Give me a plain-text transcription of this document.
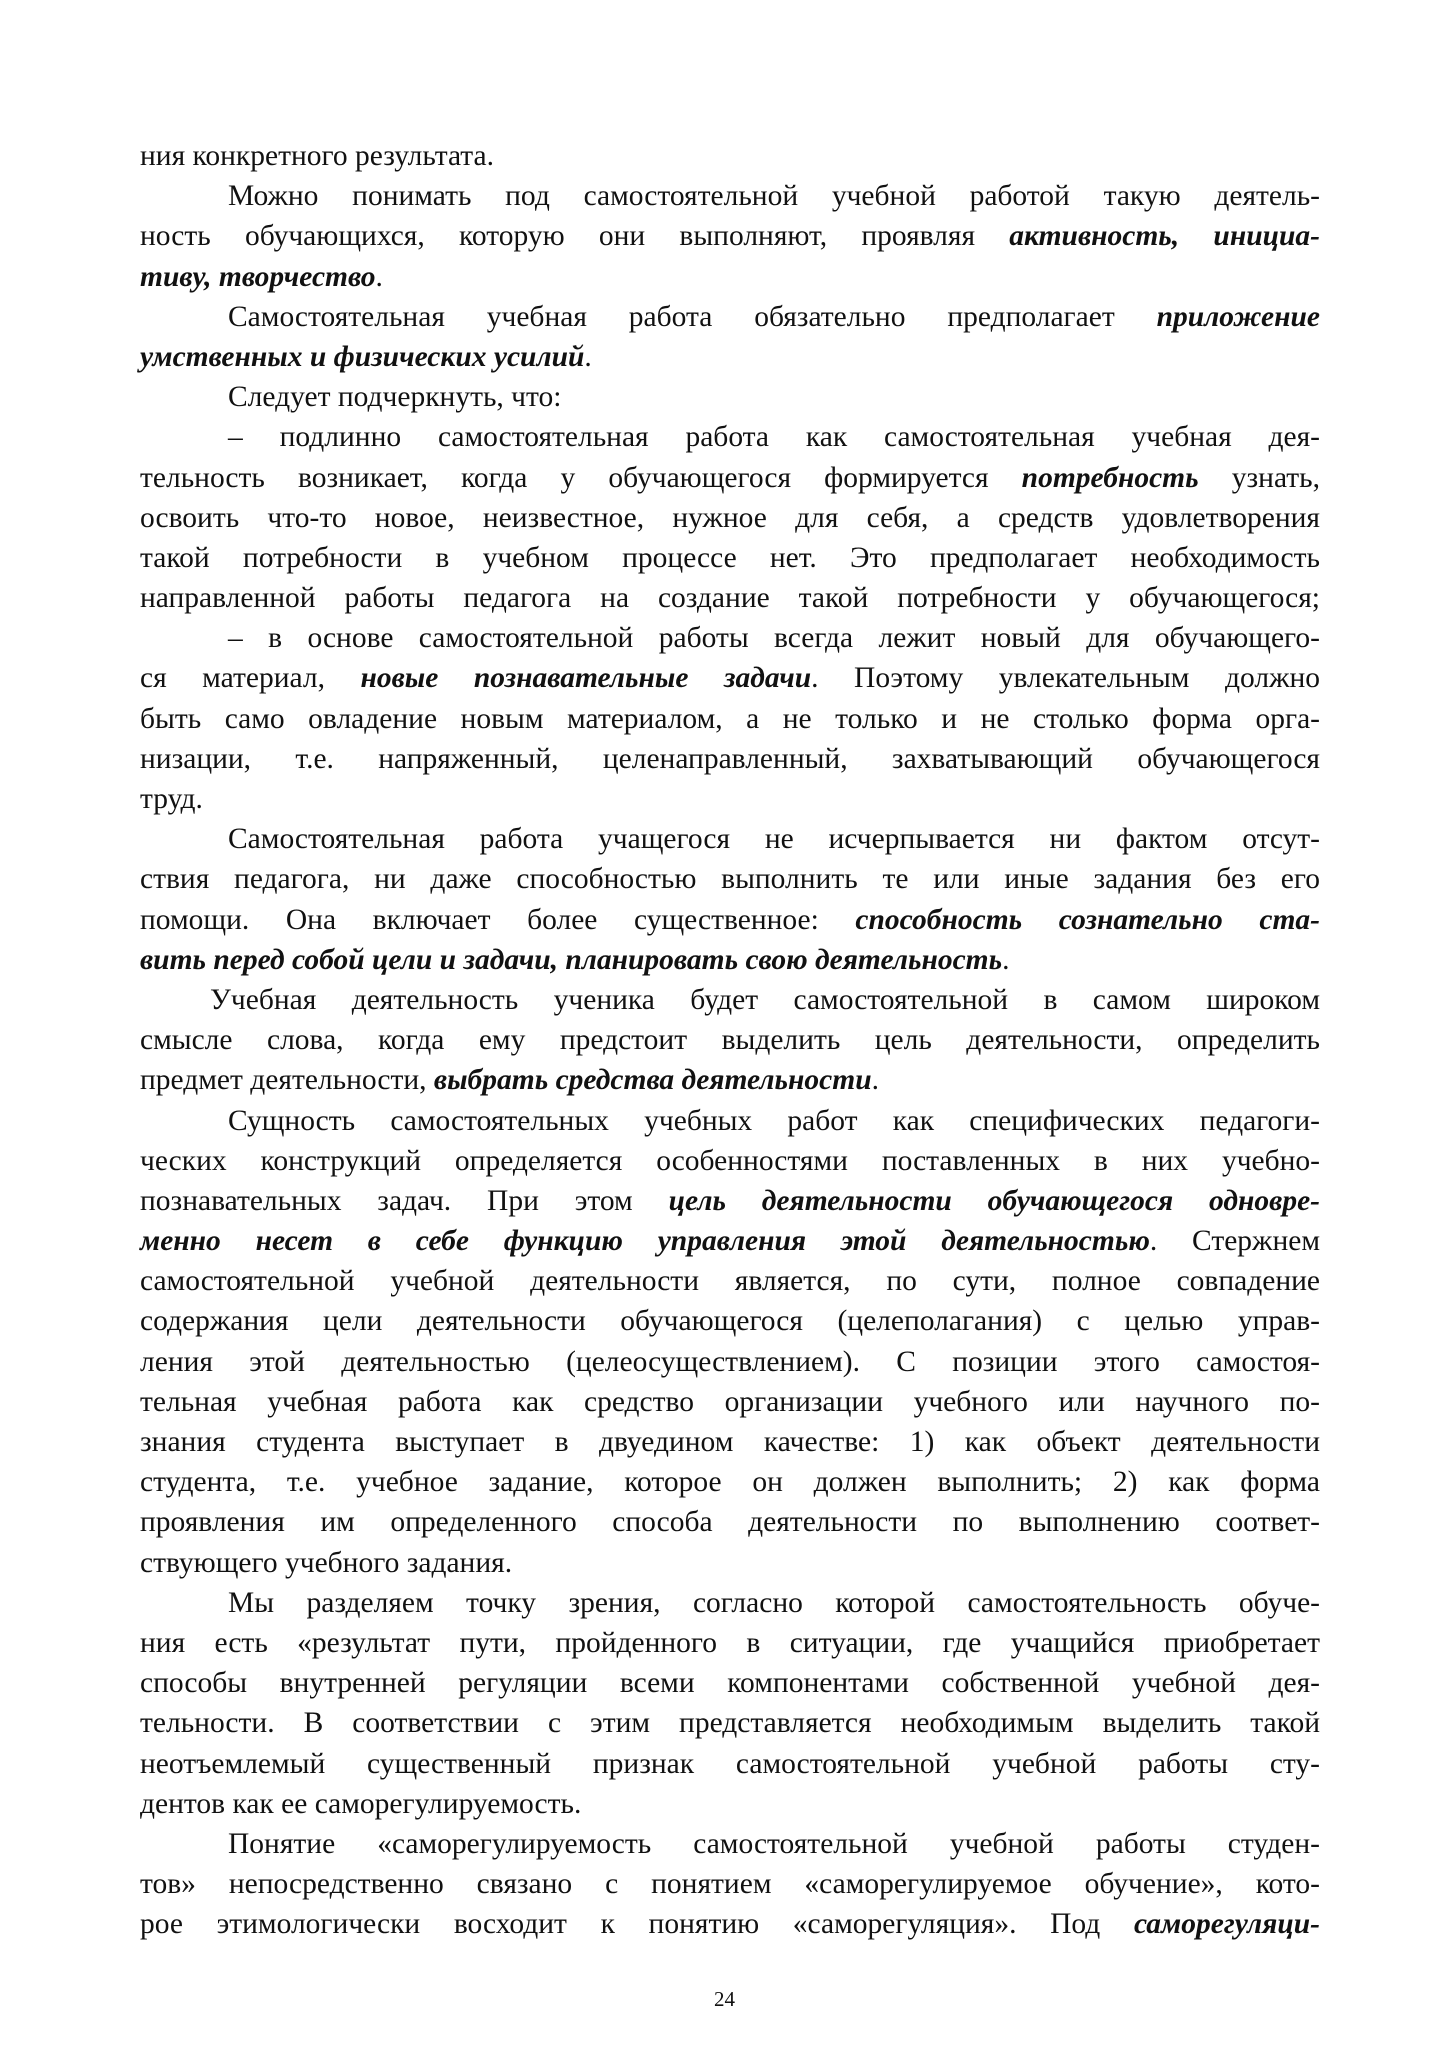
ния конкретного результата.
Можно понимать под самостоятельной учебной работой такую деятель-
ность обучающихся, которую они выполняют, проявляя активность, инициа-
тиву, творчество.
Самостоятельная учебная работа обязательно предполагает приложение
умственных и физических усилий.
Следует подчеркнуть, что:
– подлинно самостоятельная работа как самостоятельная учебная дея-
тельность возникает, когда у обучающегося формируется потребность узнать,
освоить что-то новое, неизвестное, нужное для себя, а средств удовлетворения
такой потребности в учебном процессе нет. Это предполагает необходимость
направленной работы педагога на создание такой потребности у обучающегося;
– в основе самостоятельной работы всегда лежит новый для обучающего-
ся материал, новые познавательные задачи. Поэтому увлекательным должно
быть само овладение новым материалом, а не только и не столько форма орга-
низации, т.е. напряженный, целенаправленный, захватывающий обучающегося
труд.
Самостоятельная работа учащегося не исчерпывается ни фактом отсут-
ствия педагога, ни даже способностью выполнить те или иные задания без его
помощи. Она включает более существенное: способность сознательно ста-
вить перед собой цели и задачи, планировать свою деятельность.
Учебная деятельность ученика будет самостоятельной в самом широком
смысле слова, когда ему предстоит выделить цель деятельности, определить
предмет деятельности, выбрать средства деятельности.
Сущность самостоятельных учебных работ как специфических педагоги-
ческих конструкций определяется особенностями поставленных в них учебно-
познавательных задач. При этом цель деятельности обучающегося одновре-
менно несет в себе функцию управления этой деятельностью. Стержнем
самостоятельной учебной деятельности является, по сути, полное совпадение
содержания цели деятельности обучающегося (целеполагания) с целью управ-
ления этой деятельностью (целеосуществлением). С позиции этого самостоя-
тельная учебная работа как средство организации учебного или научного по-
знания студента выступает в двуедином качестве: 1) как объект деятельности
студента, т.е. учебное задание, которое он должен выполнить; 2) как форма
проявления им определенного способа деятельности по выполнению соответ-
ствующего учебного задания.
Мы разделяем точку зрения, согласно которой самостоятельность обуче-
ния есть «результат пути, пройденного в ситуации, где учащийся приобретает
способы внутренней регуляции всеми компонентами собственной учебной дея-
тельности. В соответствии с этим представляется необходимым выделить такой
неотъемлемый существенный признак самостоятельной учебной работы сту-
дентов как ее саморегулируемость.
Понятие «саморегулируемость самостоятельной учебной работы студен-
тов» непосредственно связано с понятием «саморегулируемое обучение», кото-
рое этимологически восходит к понятию «саморегуляция». Под саморегуляци-
24
